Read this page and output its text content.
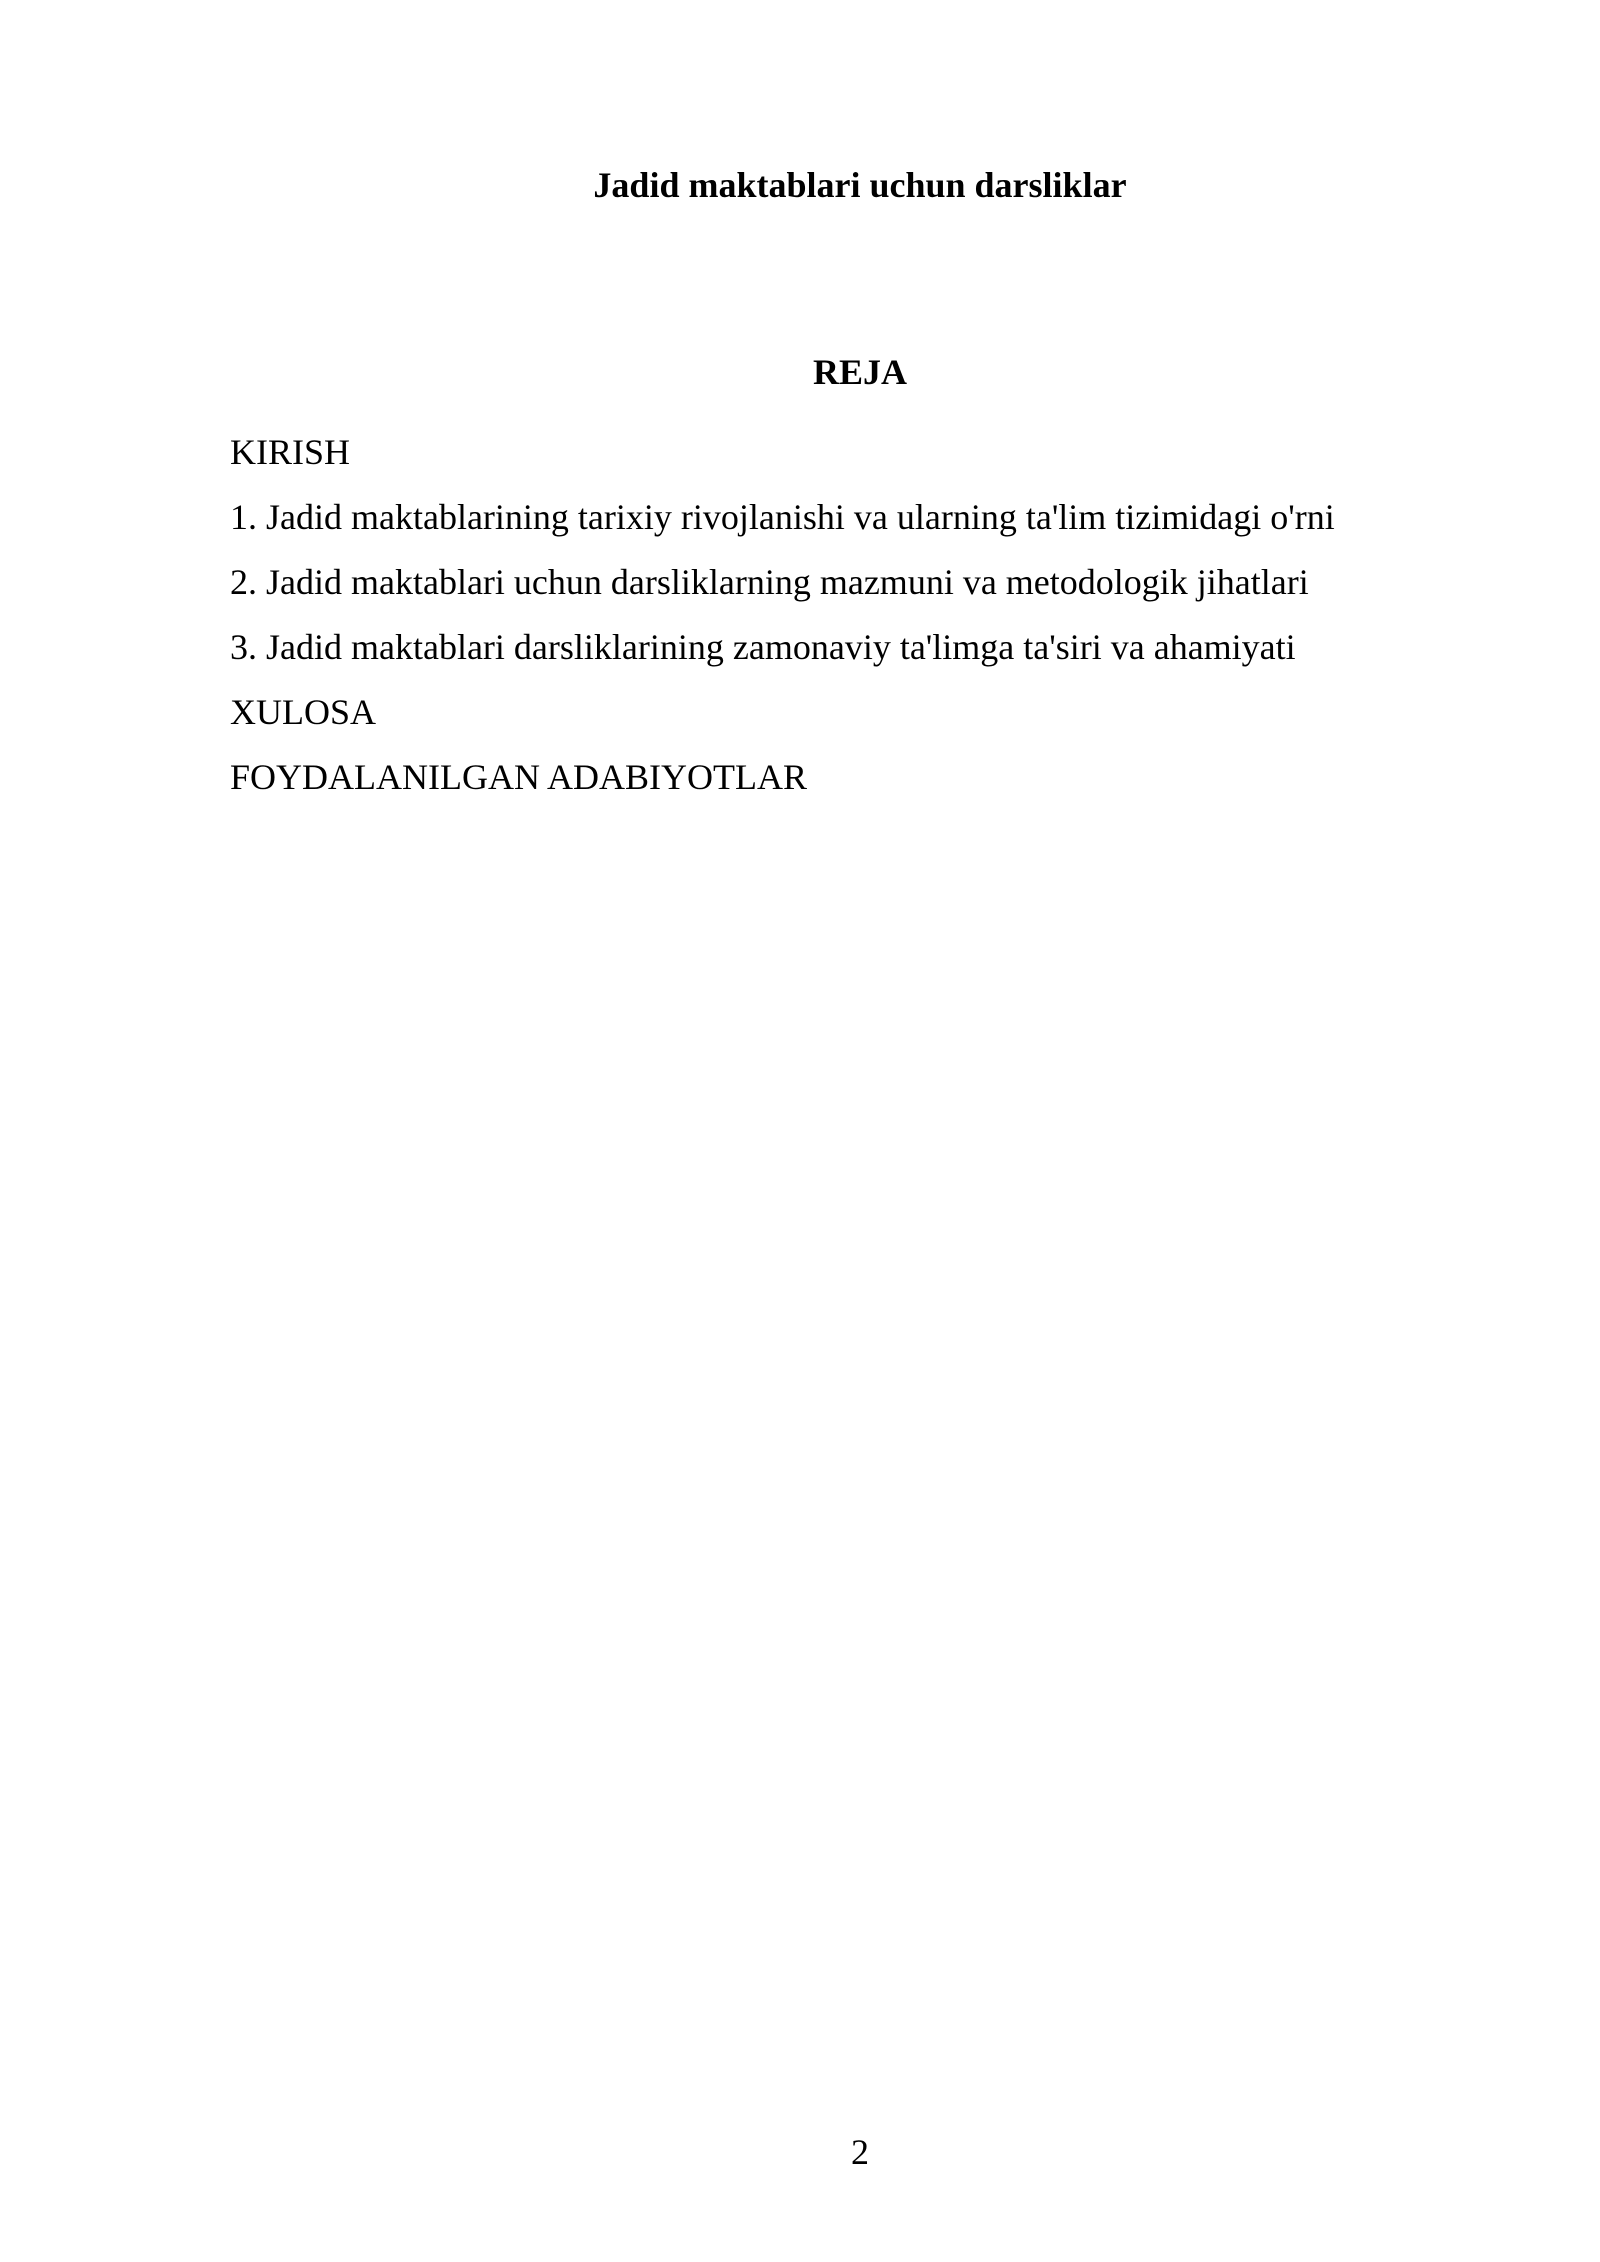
Jadid maktablari uchun darsliklar
REJA
KIRISH
1. Jadid maktablarining tarixiy rivojlanishi va ularning ta'lim tizimidagi o'rni
2. Jadid maktablari uchun darsliklarning mazmuni va metodologik jihatlari
3. Jadid maktablari darsliklarining zamonaviy ta'limga ta'siri va ahamiyati
XULOSA
FOYDALANILGAN ADABIYOTLAR
2
